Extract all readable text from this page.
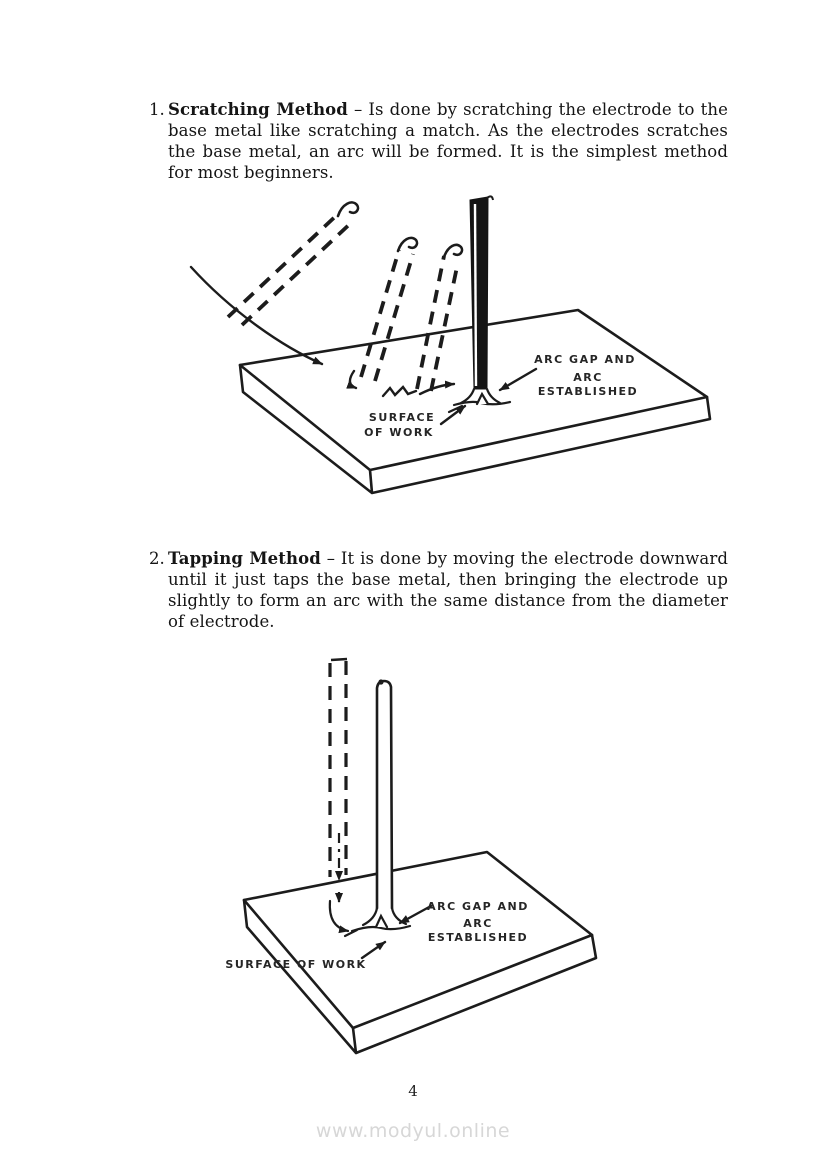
1. Scratching Method – Is done by scratching the electrode to the base metal like scratching a match. As the electrodes scratches the base metal, an arc will be formed. It is the simplest method for most beginners.
ARC GAP AND
ARC
ESTABLISHED
SURFACE
OF WORK
2. Tapping Method – It is done by moving the electrode downward until it just taps the base metal, then bringing the electrode up slightly to form an arc with the same distance from the diameter of electrode.
ARC GAP AND
ARC
ESTABLISHED
SURFACE OF WORK
4
www.modyul.online
